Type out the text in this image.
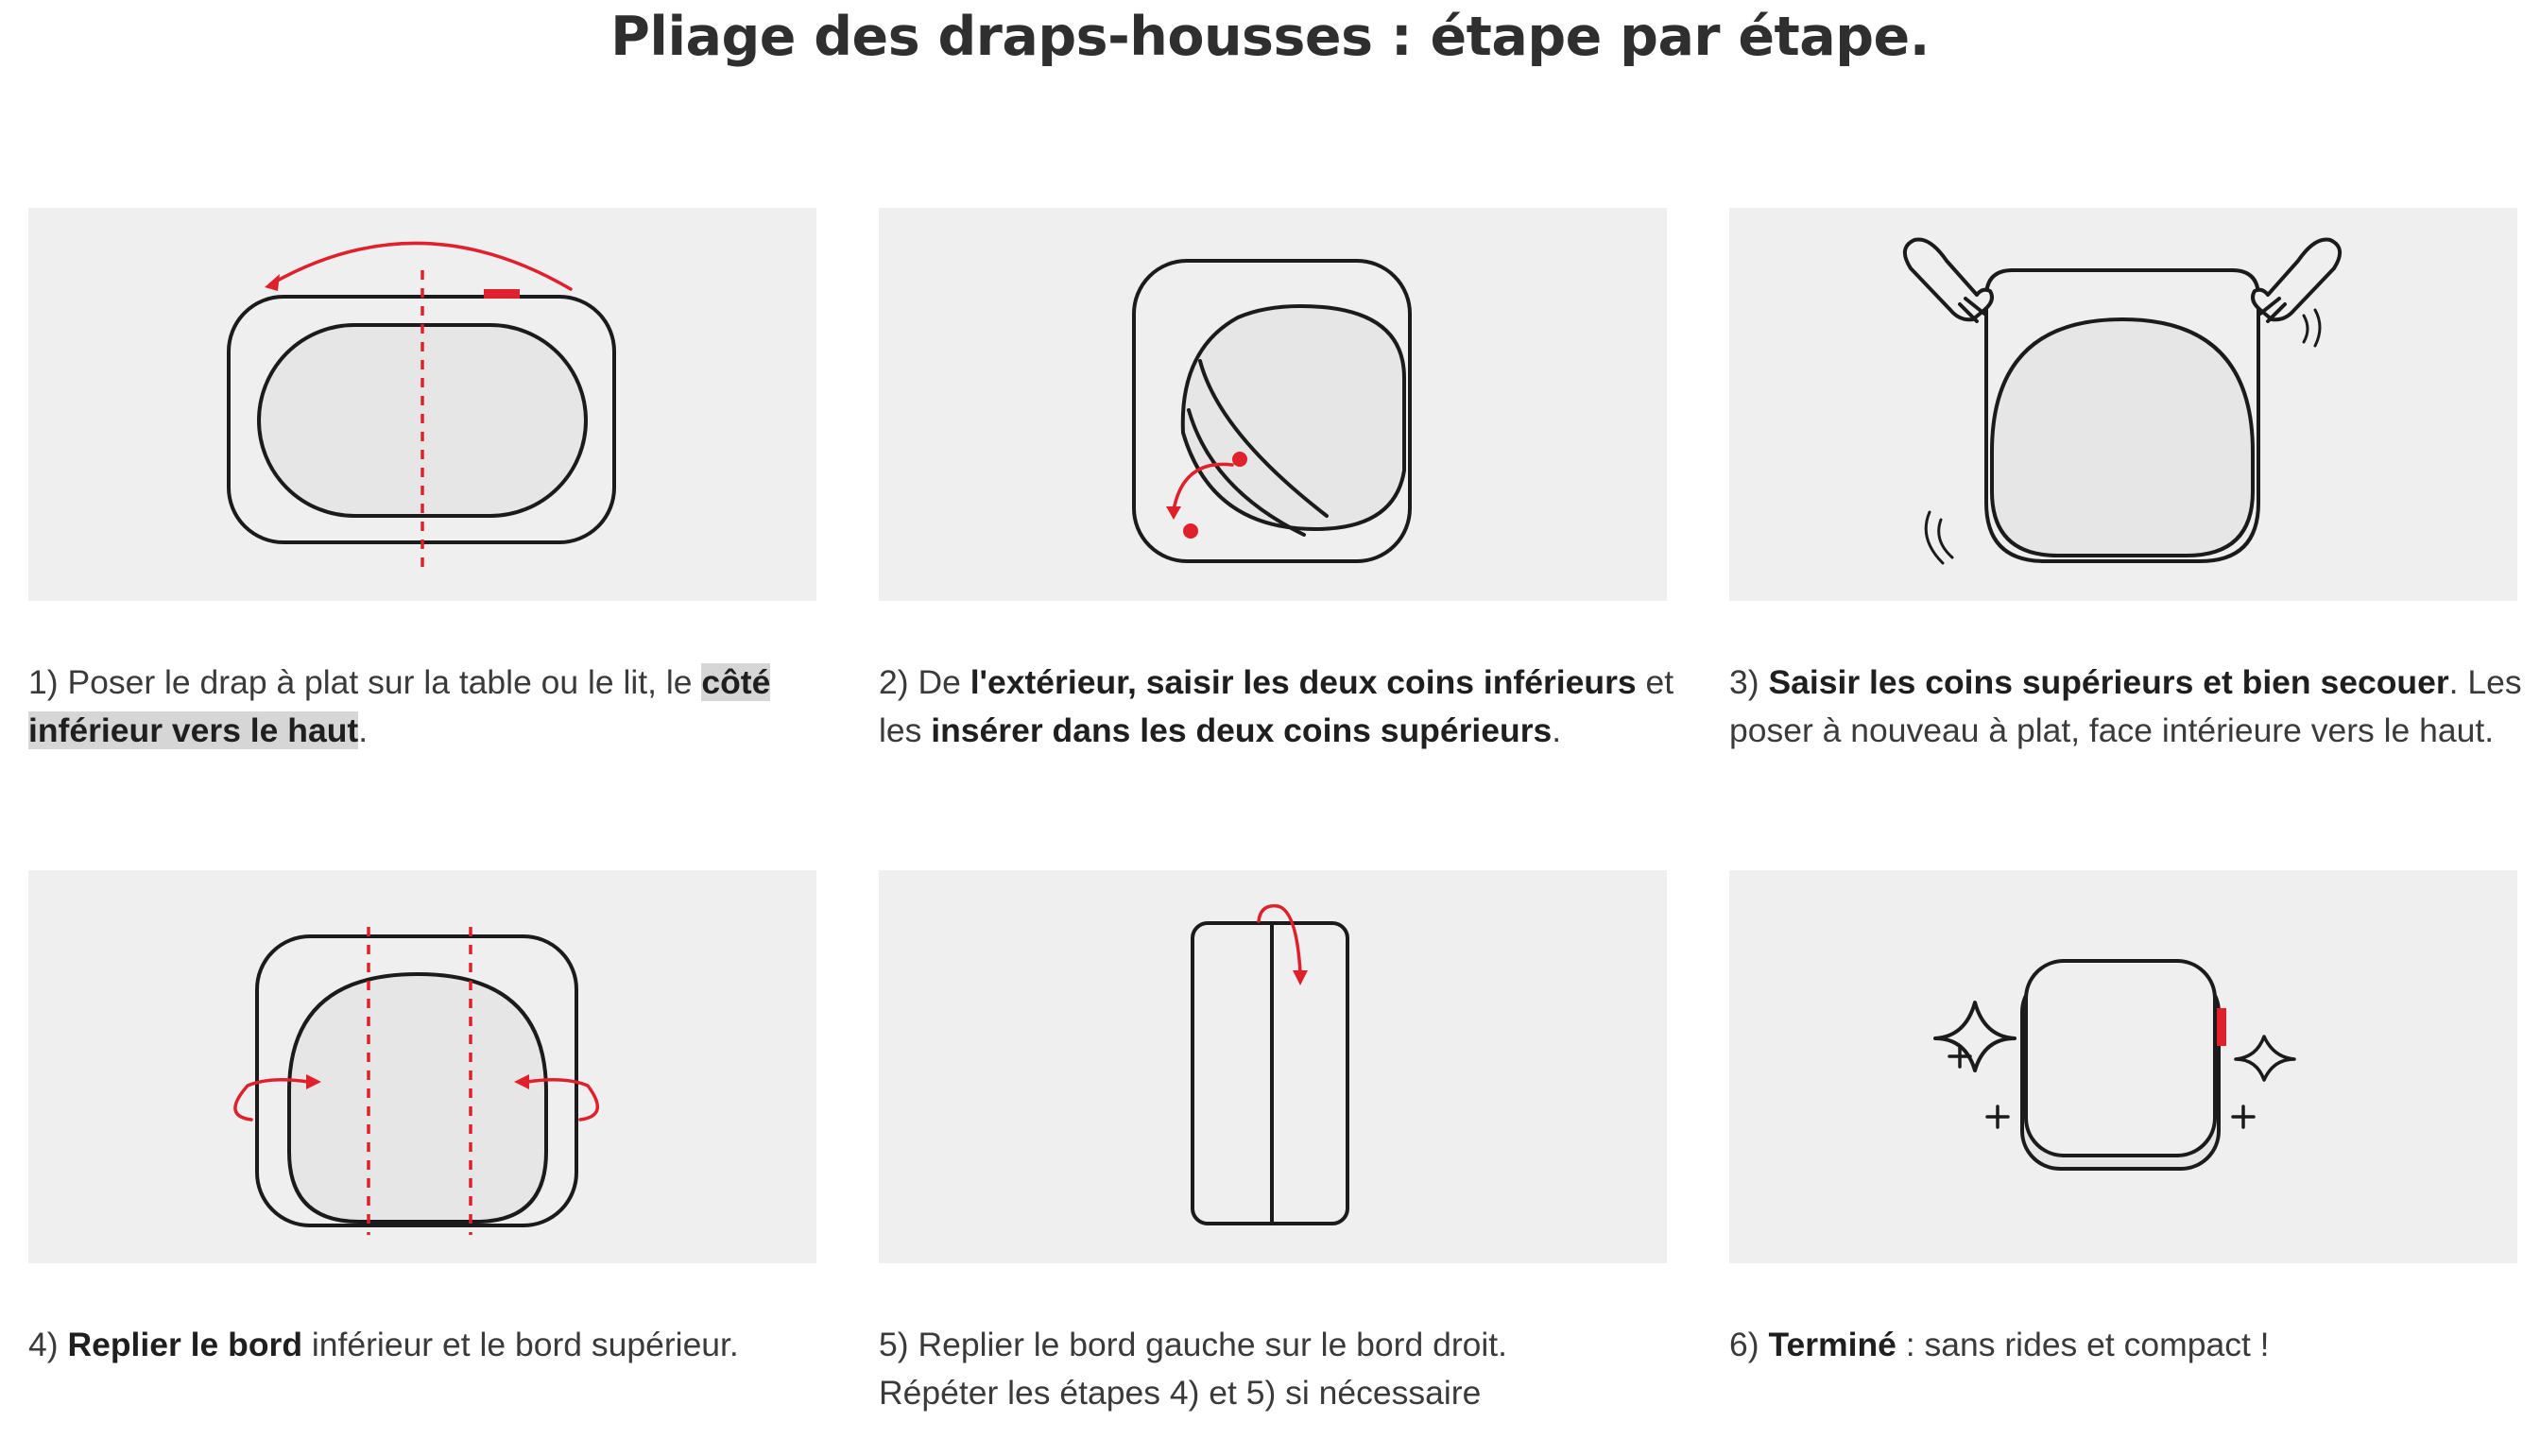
Pliage des draps-housses : étape par étape.
1) Poser le drap à plat sur la table ou le lit, le côté inférieur vers le haut.
2) De l'extérieur, saisir les deux coins inférieurs et les insérer dans les deux coins supérieurs.
3) Saisir les coins supérieurs et bien secouer. Les poser à nouveau à plat, face intérieure vers le haut.
4) Replier le bord inférieur et le bord supérieur.	5) Replier le bord gauche sur le bord droit.
Répéter les étapes 4) et 5) si nécessaire
6) Terminé : sans rides et compact !
